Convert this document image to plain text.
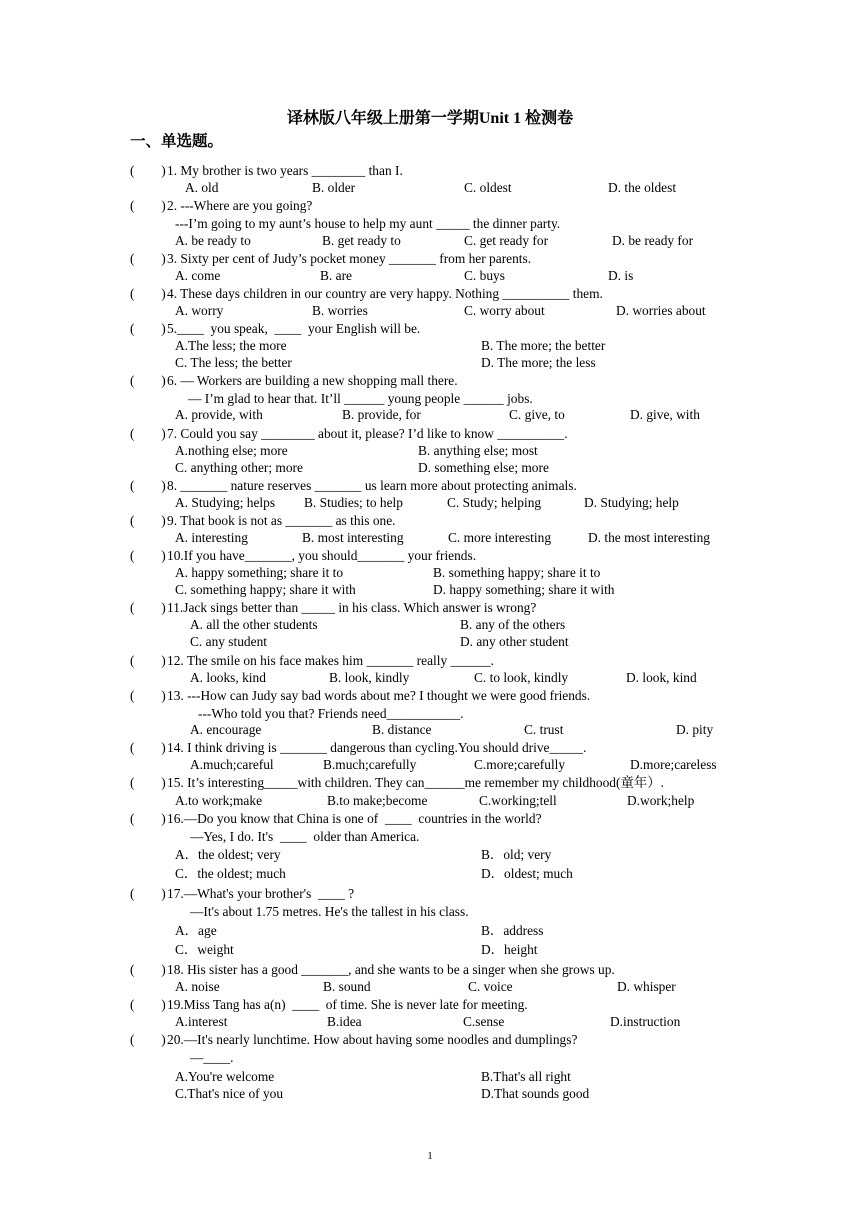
译林版八年级上册第一学期Unit 1 检测卷
一、单选题。
(        ) 1. My brother is two years ________ than I.
A. old	B. older	C. oldest	D. the oldest
(        ) 2. ---Where are you going?
---I’m going to my aunt’s house to help my aunt _____ the dinner party.
A. be ready to	B. get ready to	C. get ready for	D. be ready for
(        ) 3. Sixty per cent of Judy’s pocket money _______ from her parents.
A. come	B. are	C. buys	D. is
(        ) 4. These days children in our country are very happy. Nothing __________ them.
A. worry	B. worries	C. worry about	D. worries about
(        ) 5.____  you speak,  ____  your English will be.
A.The less; the more	B. The more; the better
C. The less; the better	D. The more; the less
(        ) 6. — Workers are building a new shopping mall there.
— I’m glad to hear that. It’ll ______ young people ______ jobs.
A. provide, with	B. provide, for	C. give, to	D. give, with
(        ) 7. Could you say ________ about it, please? I’d like to know __________.
A.nothing else; more	B. anything else; most
C. anything other; more	D. something else; more
(        ) 8. _______ nature reserves _______ us learn more about protecting animals.
A. Studying; helps B. Studies; to help	C. Study; helping	D. Studying; help
(        ) 9. That book is not as _______ as this one.
A. interesting	B. most interesting	C. more interesting	D. the most interesting
(        ) 10.If you have_______, you should_______ your friends.
A. happy something; share it to	B. something happy; share it to
C. something happy; share it with	D. happy something; share it with
(        ) 11.Jack sings better than _____ in his class. Which answer is wrong?
A. all the other students	B. any of the others
C. any student	D. any other student
(        ) 12. The smile on his face makes him _______ really ______.
A. looks, kind	B. look, kindly	C. to look, kindly	D. look, kind
(        ) 13. ---How can Judy say bad words about me? I thought we were good friends.
---Who told you that? Friends need___________.
A. encourage	B. distance	C. trust	D. pity
(        ) 14. I think driving is _______ dangerous than cycling.You should drive_____.
A.much;careful	B.much;carefully	C.more;carefully	D.more;careless
(        ) 15. It’s interesting_____with children. They can______me remember my childhood(童年）.
A.to work;make	B.to make;become	C.working;tell	D.work;help
(        ) 16.—Do you know that China is one of  ____  countries in the world?
—Yes, I do. It's  ____  older than America.
A．the oldest; very	B．old; very
C．the oldest; much	D．oldest; much
(        ) 17.—What's your brother's  ____ ?
—It's about 1.75 metres. He's the tallest in his class.
A．age	B．address
C．weight	D．height
(        ) 18. His sister has a good _______, and she wants to be a singer when she grows up.
A. noise	B. sound	C. voice	D. whisper
(        ) 19.Miss Tang has a(n)  ____  of time. She is never late for meeting.
A.interest	B.idea	C.sense	D.instruction
(        ) 20.—It's nearly lunchtime. How about having some noodles and dumplings?
—____.
A.You're welcome	B.That's all right
C.That's nice of you	D.That sounds good
1
